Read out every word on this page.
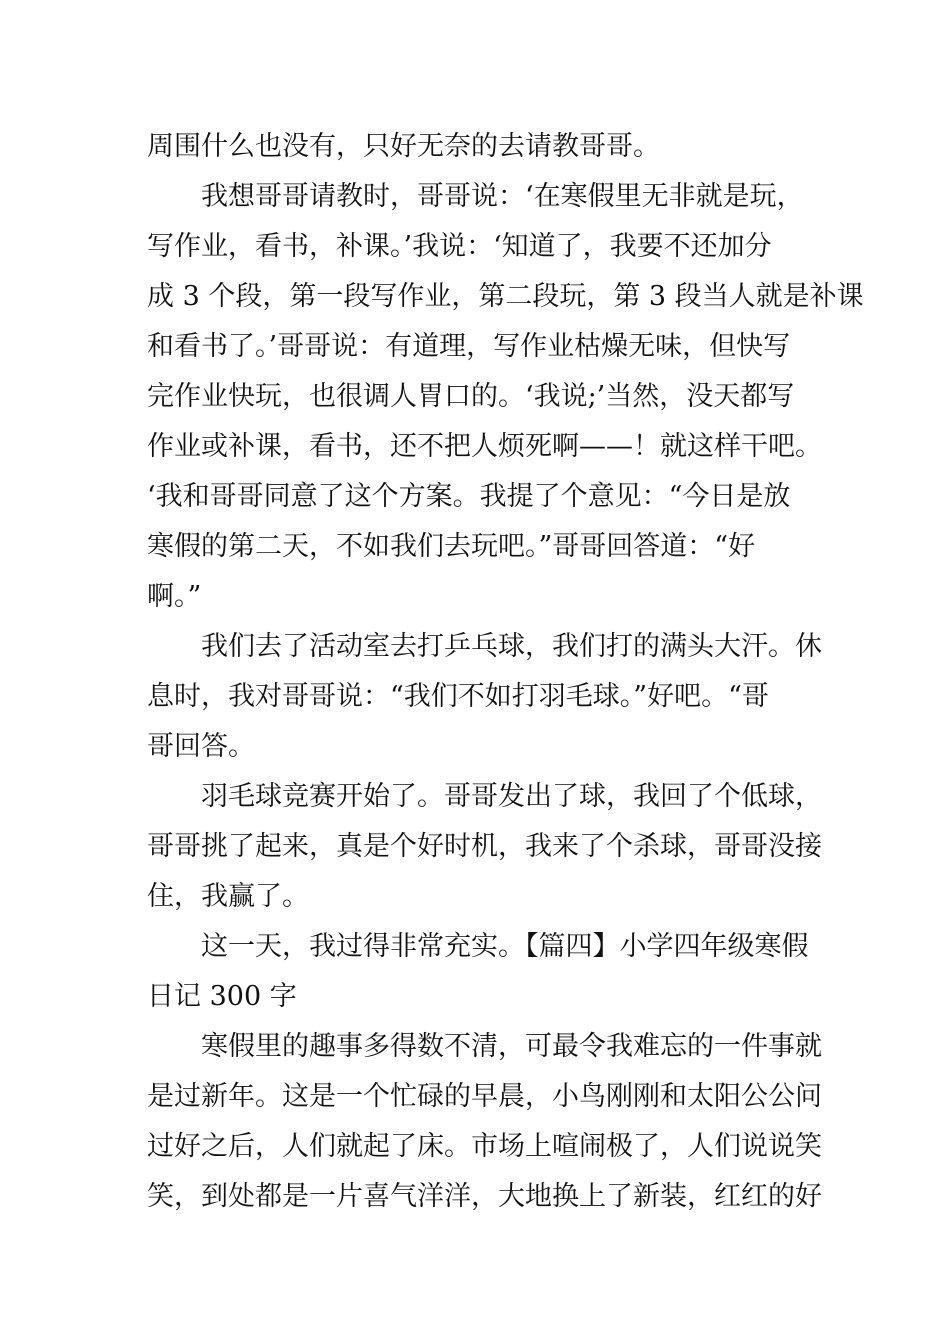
周围什么也没有，只好无奈的去请教哥哥。
我想哥哥请教时，哥哥说：‘在寒假里无非就是玩，
写作业，看书，补课。’我说：‘知道了，我要不还加分
成 3 个段，第一段写作业，第二段玩，第 3 段当人就是补课
和看书了。’哥哥说：有道理，写作业枯燥无味，但快写
完作业快玩，也很调人胃口的。‘我说;’当然，没天都写
作业或补课，看书，还不把人烦死啊——！就这样干吧。
‘我和哥哥同意了这个方案。我提了个意见：“今日是放
寒假的第二天，不如我们去玩吧。”哥哥回答道：“好
啊。”
我们去了活动室去打乒乓球，我们打的满头大汗。休
息时，我对哥哥说：“我们不如打羽毛球。”好吧。“哥
哥回答。
羽毛球竞赛开始了。哥哥发出了球，我回了个低球，
哥哥挑了起来，真是个好时机，我来了个杀球，哥哥没接
住，我赢了。
这一天，我过得非常充实。【篇四】小学四年级寒假
日记 300 字
寒假里的趣事多得数不清，可最令我难忘的一件事就
是过新年。这是一个忙碌的早晨，小鸟刚刚和太阳公公问
过好之后，人们就起了床。市场上喧闹极了，人们说说笑
笑，到处都是一片喜气洋洋，大地换上了新装，红红的好
